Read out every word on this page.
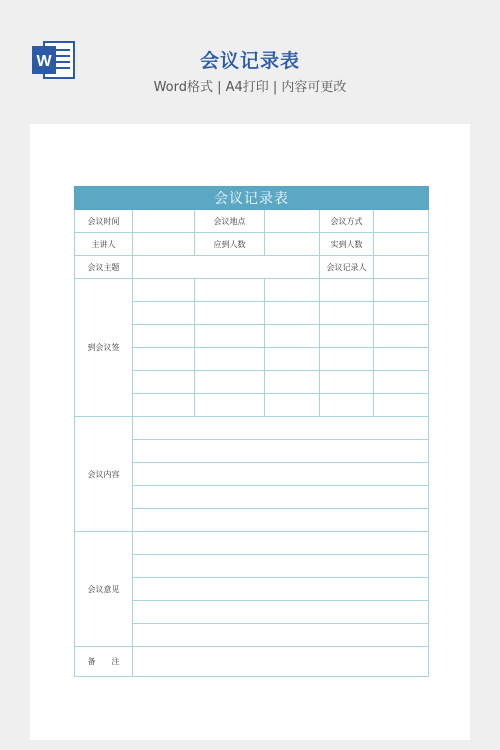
W	会议记录表
Word格式 | A4打印 | 内容可更改
会议记录表					
会议时间		会议地点		会议方式	
主讲人		应到人数		实到人数	
会议主题				会议记录人	
到会议签					

会议内容					

会议意见					

备　　注					
